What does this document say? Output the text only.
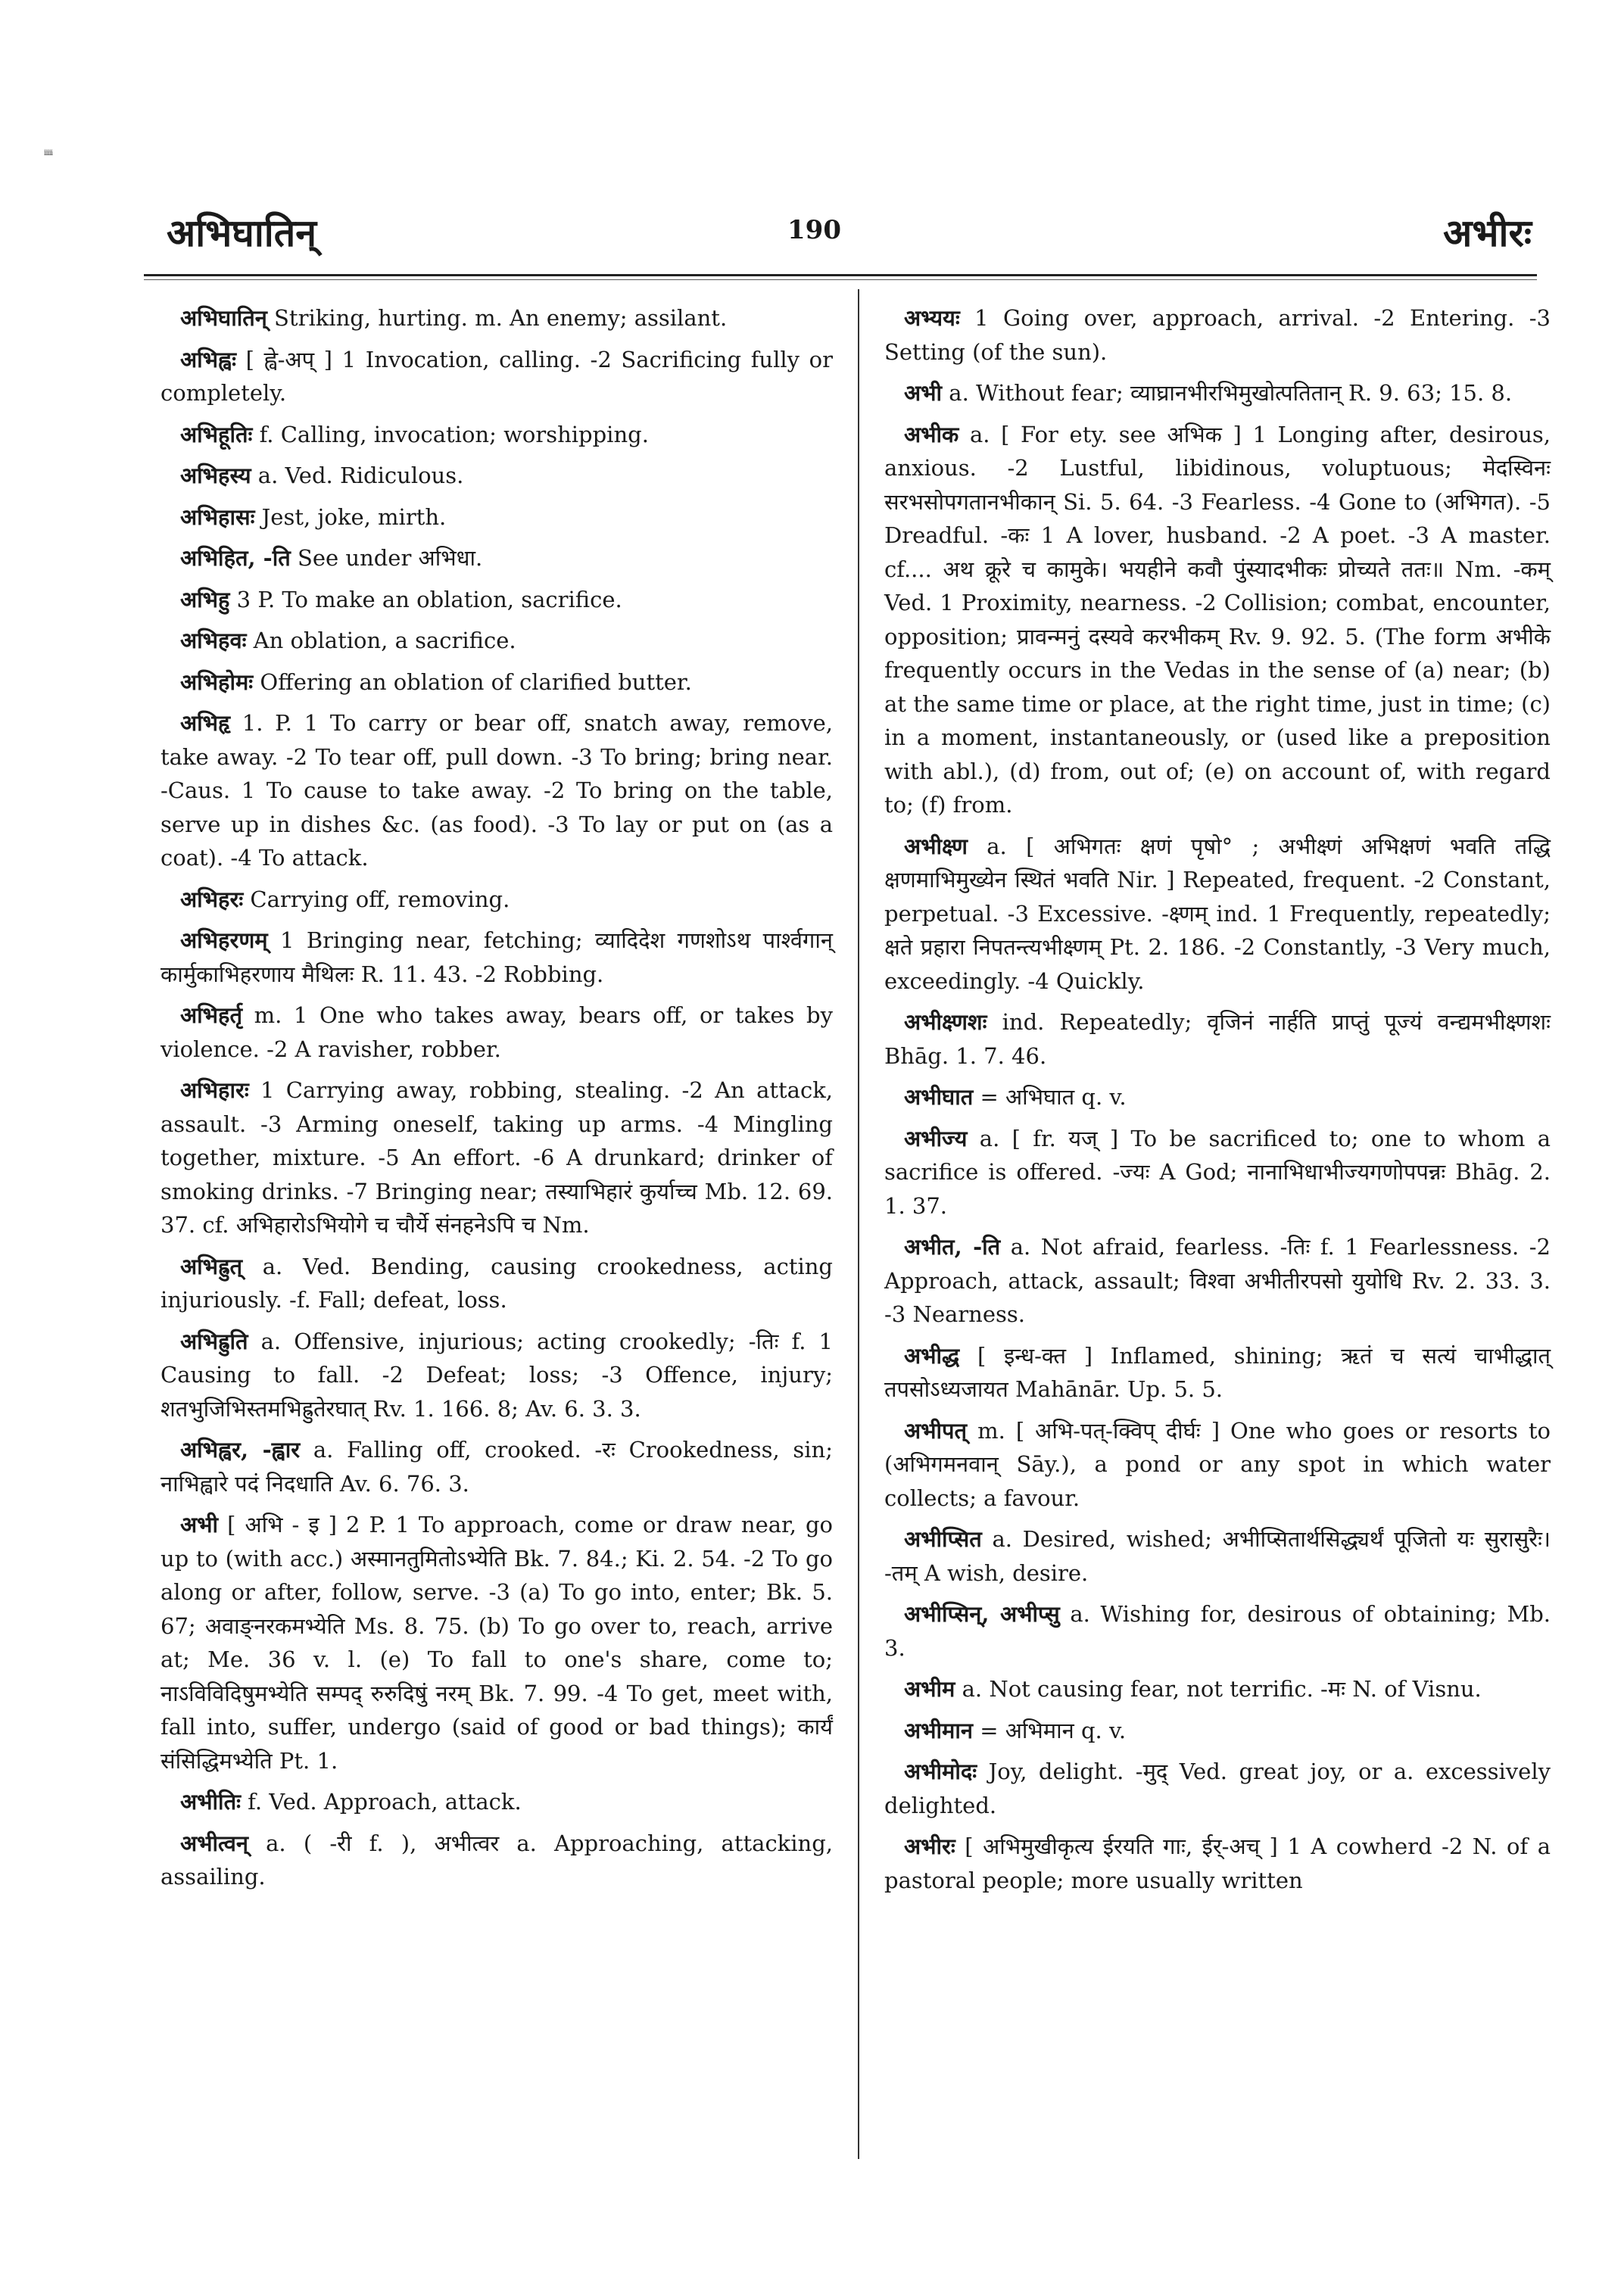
iiiii
अभिघातिन्	190	अभीरः

अभिघातिन् Striking, hurting. m. An enemy; assilant.

अभिह्वः [ ह्वे-अप् ] 1 Invocation, calling. -2 Sacrificing fully or completely.

अभिहूतिः f. Calling, invocation; worshipping.

अभिहस्य a. Ved. Ridiculous.

अभिहासः Jest, joke, mirth.

अभिहित, -ति See under अभिधा.

अभिहु 3 P. To make an oblation, sacrifice.

अभिहवः An oblation, a sacrifice.

अभिहोमः Offering an oblation of clarified butter.

अभिहृ 1. P. 1 To carry or bear off, snatch away, remove, take away. -2 To tear off, pull down. -3 To bring; bring near. -Caus. 1 To cause to take away. -2 To bring on the table, serve up in dishes &c. (as food). -3 To lay or put on (as a coat). -4 To attack.

अभिहरः Carrying off, removing.

अभिहरणम् 1 Bringing near, fetching; व्यादिदेश गणशोऽथ पार्श्वगान् कार्मुकाभिहरणाय मैथिलः R. 11. 43. -2 Robbing.

अभिहर्तृ m. 1 One who takes away, bears off, or takes by violence. -2 A ravisher, robber.

अभिहारः 1 Carrying away, robbing, stealing. -2 An attack, assault. -3 Arming oneself, taking up arms. -4 Mingling together, mixture. -5 An effort. -6 A drunkard; drinker of smoking drinks. -7 Bringing near; तस्याभिहारं कुर्याच्च Mb. 12. 69. 37. cf. अभिहारोऽभियोगे च चौर्ये संनहनेऽपि च Nm.

अभिह्रुत् a. Ved. Bending, causing crookedness, acting injuriously. -f. Fall; defeat, loss.

अभिह्रुति a. Offensive, injurious; acting crookedly; -तिः f. 1 Causing to fall. -2 Defeat; loss; -3 Offence, injury; शतभुजिभिस्तमभिह्रुतेरघात् Rv. 1. 166. 8; Av. 6. 3. 3.

अभिह्वर, -ह्वार a. Falling off, crooked. -रः Crookedness, sin; नाभिह्वारे पदं निदधाति Av. 6. 76. 3.

अभी [ अभि - इ ] 2 P. 1 To approach, come or draw near, go up to (with acc.) अस्मानतुमितोऽभ्येति Bk. 7. 84.; Ki. 2. 54. -2 To go along or after, follow, serve. -3 (a) To go into, enter; Bk. 5. 67; अवाङ्नरकमभ्येति Ms. 8. 75. (b) To go over to, reach, arrive at; Me. 36 v. l. (e) To fall to one's share, come to; नाऽविविदिषुमभ्येति सम्पद् रुरुदिषुं नरम् Bk. 7. 99. -4 To get, meet with, fall into, suffer, undergo (said of good or bad things); कार्यं संसिद्धिमभ्येति Pt. 1.

अभीतिः f. Ved. Approach, attack.

अभीत्वन् a. ( -री f. ), अभीत्वर a. Approaching, attacking, assailing.

अभ्ययः 1 Going over, approach, arrival. -2 Entering. -3 Setting (of the sun).

अभी a. Without fear; व्याघ्रानभीरभिमुखोत्पतितान् R. 9. 63; 15. 8.

अभीक a. [ For ety. see अभिक ] 1 Longing after, desirous, anxious. -2 Lustful, libidinous, voluptuous; मेदस्विनः सरभसोपगतानभीकान् Si. 5. 64. -3 Fearless. -4 Gone to (अभिगत). -5 Dreadful. -कः 1 A lover, husband. -2 A poet. -3 A master. cf.... अथ क्रूरे च कामुके। भयहीने कवौ पुंस्यादभीकः प्रोच्यते ततः॥ Nm. -कम् Ved. 1 Proximity, nearness. -2 Collision; combat, encounter, opposition; प्रावन्मनुं दस्यवे करभीकम् Rv. 9. 92. 5. (The form अभीके frequently occurs in the Vedas in the sense of (a) near; (b) at the same time or place, at the right time, just in time; (c) in a moment, instantaneously, or (used like a preposition with abl.), (d) from, out of; (e) on account of, with regard to; (f) from.

अभीक्ष्ण a. [ अभिगतः क्षणं पृषो° ; अभीक्ष्णं अभिक्षणं भवति तद्धि क्षणमाभिमुख्येन स्थितं भवति Nir. ] Repeated, frequent. -2 Constant, perpetual. -3 Excessive. -क्ष्णम् ind. 1 Frequently, repeatedly; क्षते प्रहारा निपतन्त्यभीक्ष्णम् Pt. 2. 186. -2 Constantly, -3 Very much, exceedingly. -4 Quickly.

अभीक्ष्णशः ind. Repeatedly; वृजिनं नार्हति प्राप्तुं पूज्यं वन्द्यमभीक्ष्णशः Bhāg. 1. 7. 46.

अभीघात = अभिघात q. v.

अभीज्य a. [ fr. यज् ] To be sacrificed to; one to whom a sacrifice is offered. -ज्यः A God; नानाभिधाभीज्यगणोपपन्नः Bhāg. 2. 1. 37.

अभीत, -ति a. Not afraid, fearless. -तिः f. 1 Fearlessness. -2 Approach, attack, assault; विश्वा अभीतीरपसो युयोधि Rv. 2. 33. 3. -3 Nearness.

अभीद्ध [ इन्ध-क्त ] Inflamed, shining; ऋतं च सत्यं चाभीद्धात् तपसोऽध्यजायत Mahānār. Up. 5. 5.

अभीपत् m. [ अभि-पत्-क्विप् दीर्घः ] One who goes or resorts to (अभिगमनवान् Sāy.), a pond or any spot in which water collects; a favour.

अभीप्सित a. Desired, wished; अभीप्सितार्थसिद्ध्यर्थं पूजितो यः सुरासुरैः। -तम् A wish, desire.

अभीप्सिन्, अभीप्सु a. Wishing for, desirous of obtaining; Mb. 3.

अभीम a. Not causing fear, not terrific. -मः N. of Visnu.

अभीमान = अभिमान q. v.

अभीमोदः Joy, delight. -मुद् Ved. great joy, or a. excessively delighted.

अभीरः [ अभिमुखीकृत्य ईरयति गाः, ईर्-अच् ] 1 A cowherd -2 N. of a pastoral people; more usually written
